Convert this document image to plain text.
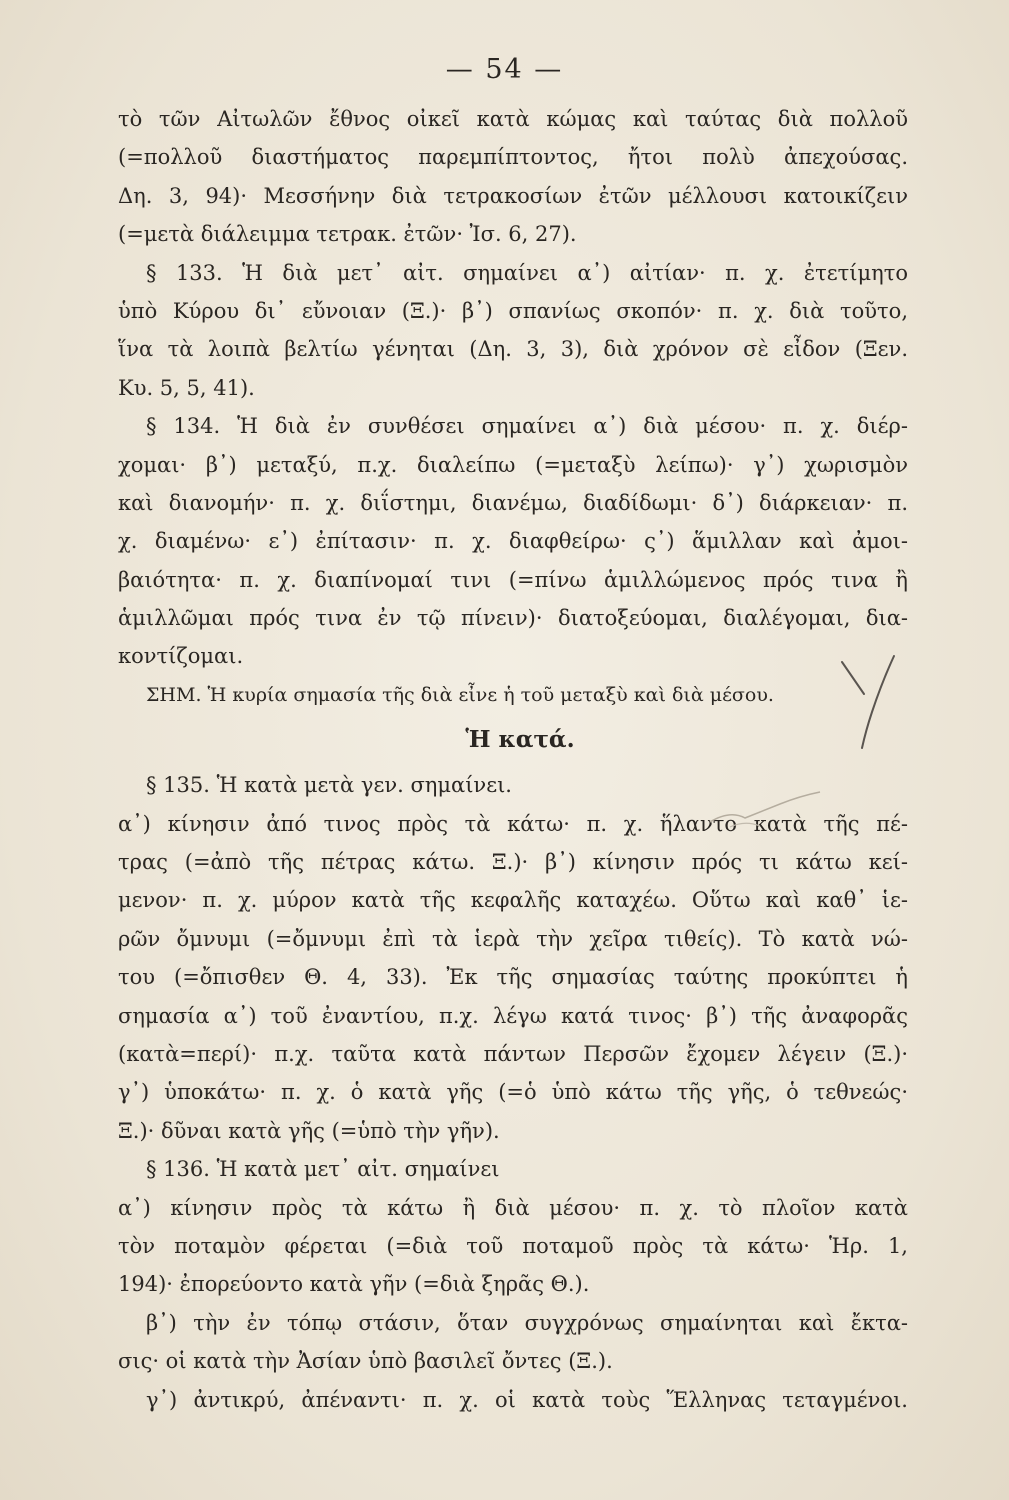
— 54 —
τὸ τῶν Αἰτωλῶν ἔθνος οἰκεῖ κατὰ κώμας καὶ ταύτας διὰ πολλοῦ
(=πολλοῦ διαστήματος παρεμπίπτοντος, ἤτοι πολὺ ἀπεχούσας.
Δη. 3, 94)· Μεσσήνην διὰ τετρακοσίων ἐτῶν μέλλουσι κατοικίζειν
(=μετὰ διάλειμμα τετρακ. ἐτῶν· Ἰσ. 6, 27).
§ 133. Ἡ διὰ μετ᾽ αἰτ. σημαίνει α᾽) αἰτίαν· π. χ. ἐτετίμητο
ὑπὸ Κύρου δι᾽ εὔνοιαν (Ξ.)· β᾽) σπανίως σκοπόν· π. χ. διὰ τοῦτο,
ἵνα τὰ λοιπὰ βελτίω γένηται (Δη. 3, 3), διὰ χρόνον σὲ εἶδον (Ξεν.
Κυ. 5, 5, 41).
§ 134. Ἡ διὰ ἐν συνθέσει σημαίνει α᾽) διὰ μέσου· π. χ. διέρ-
χομαι· β᾽) μεταξύ, π.χ. διαλείπω (=μεταξὺ λείπω)· γ᾽) χωρισμὸν
καὶ διανομήν· π. χ. διΐστημι, διανέμω, διαδίδωμι· δ᾽) διάρκειαν· π.
χ. διαμένω· ε᾽) ἐπίτασιν· π. χ. διαφθείρω· ς᾽) ἅμιλλαν καὶ ἀμοι-
βαιότητα· π. χ. διαπίνομαί τινι (=πίνω ἁμιλλώμενος πρός τινα ἢ
ἁμιλλῶμαι πρός τινα ἐν τῷ πίνειν)· διατοξεύομαι, διαλέγομαι, δια-
κοντίζομαι.
ΣΗΜ. Ἡ κυρία σημασία τῆς διὰ εἶνε ἡ τοῦ μεταξὺ καὶ διὰ μέσου.
Ἡ κατά.
§ 135. Ἡ κατὰ μετὰ γεν. σημαίνει.
α᾽) κίνησιν ἀπό τινος πρὸς τὰ κάτω· π. χ. ἥλαντο κατὰ τῆς πέ-
τρας (=ἀπὸ τῆς πέτρας κάτω. Ξ.)· β᾽) κίνησιν πρός τι κάτω κεί-
μενον· π. χ. μύρον κατὰ τῆς κεφαλῆς καταχέω. Οὕτω καὶ καθ᾽ ἱε-
ρῶν ὄμνυμι (=ὄμνυμι ἐπὶ τὰ ἱερὰ τὴν χεῖρα τιθείς). Τὸ κατὰ νώ-
του (=ὄπισθεν Θ. 4, 33). Ἐκ τῆς σημασίας ταύτης προκύπτει ἡ
σημασία α᾽) τοῦ ἐναντίου, π.χ. λέγω κατά τινος· β᾽) τῆς ἀναφορᾶς
(κατὰ=περί)· π.χ. ταῦτα κατὰ πάντων Περσῶν ἔχομεν λέγειν (Ξ.)·
γ᾽) ὑποκάτω· π. χ. ὁ κατὰ γῆς (=ὁ ὑπὸ κάτω τῆς γῆς, ὁ τεθνεώς·
Ξ.)· δῦναι κατὰ γῆς (=ὑπὸ τὴν γῆν).
§ 136. Ἡ κατὰ μετ᾽ αἰτ. σημαίνει
α᾽) κίνησιν πρὸς τὰ κάτω ἢ διὰ μέσου· π. χ. τὸ πλοῖον κατὰ
τὸν ποταμὸν φέρεται (=διὰ τοῦ ποταμοῦ πρὸς τὰ κάτω· Ἡρ. 1,
194)· ἐπορεύοντο κατὰ γῆν (=διὰ ξηρᾶς Θ.).
β᾽) τὴν ἐν τόπῳ στάσιν, ὅταν συγχρόνως σημαίνηται καὶ ἔκτα-
σις· οἱ κατὰ τὴν Ἀσίαν ὑπὸ βασιλεῖ ὄντες (Ξ.).
γ᾽) ἀντικρύ, ἀπέναντι· π. χ. οἱ κατὰ τοὺς Ἕλληνας τεταγμένοι.
